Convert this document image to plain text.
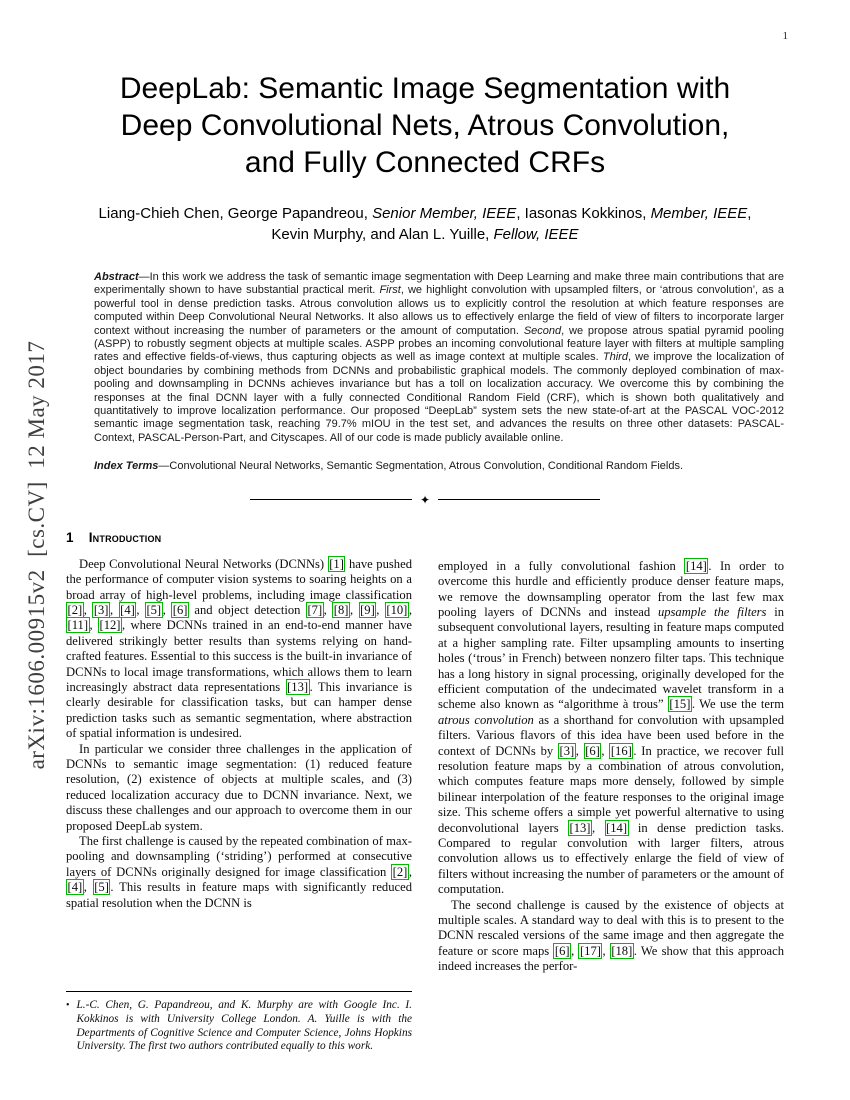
1
arXiv:1606.00915v2  [cs.CV]  12 May 2017
DeepLab: Semantic Image Segmentation with
Deep Convolutional Nets, Atrous Convolution,
and Fully Connected CRFs
Liang-Chieh Chen, George Papandreou, Senior Member, IEEE, Iasonas Kokkinos, Member, IEEE,
Kevin Murphy, and Alan L. Yuille, Fellow, IEEE

Abstract—In this work we address the task of semantic image segmentation with Deep Learning and make three main contributions that are experimentally shown to have substantial practical merit. First, we highlight convolution with upsampled filters, or ‘atrous convolution’, as a powerful tool in dense prediction tasks. Atrous convolution allows us to explicitly control the resolution at which feature responses are computed within Deep Convolutional Neural Networks. It also allows us to effectively enlarge the field of view of filters to incorporate larger context without increasing the number of parameters or the amount of computation. Second, we propose atrous spatial pyramid pooling (ASPP) to robustly segment objects at multiple scales. ASPP probes an incoming convolutional feature layer with filters at multiple sampling rates and effective fields-of-views, thus capturing objects as well as image context at multiple scales. Third, we improve the localization of object boundaries by combining methods from DCNNs and probabilistic graphical models. The commonly deployed combination of max-pooling and downsampling in DCNNs achieves invariance but has a toll on localization accuracy. We overcome this by combining the responses at the final DCNN layer with a fully connected Conditional Random Field (CRF), which is shown both qualitatively and quantitatively to improve localization performance. Our proposed “DeepLab” system sets the new state-of-art at the PASCAL VOC-2012 semantic image segmentation task, reaching 79.7% mIOU in the test set, and advances the results on three other datasets: PASCAL-Context, PASCAL-Person-Part, and Cityscapes. All of our code is made publicly available online.

Index Terms—Convolutional Neural Networks, Semantic Segmentation, Atrous Convolution, Conditional Random Fields.

✦
1 Introduction

Deep Convolutional Neural Networks (DCNNs) [1] have pushed the performance of computer vision systems to soaring heights on a broad array of high-level problems, including image classification [2] , [3] , [4] , [5] , [6] and object detection [7] , [8] , [9] , [10] , [11] , [12] , where DCNNs trained in an end-to-end manner have delivered strikingly better results than systems relying on hand-crafted features. Essential to this success is the built-in invariance of DCNNs to local image transformations, which allows them to learn increasingly abstract data representations [13] . This invariance is clearly desirable for classification tasks, but can hamper dense prediction tasks such as semantic segmentation, where abstraction of spatial information is undesired.

In particular we consider three challenges in the application of DCNNs to semantic image segmentation: (1) reduced feature resolution, (2) existence of objects at multiple scales, and (3) reduced localization accuracy due to DCNN invariance. Next, we discuss these challenges and our approach to overcome them in our proposed DeepLab system.

The first challenge is caused by the repeated combination of max-pooling and downsampling (‘striding’) performed at consecutive layers of DCNNs originally designed for image classification [2] , [4] , [5] . This results in feature maps with significantly reduced spatial resolution when the DCNN is

• L.-C. Chen, G. Papandreou, and K. Murphy are with Google Inc. I. Kokkinos is with University College London. A. Yuille is with the Departments of Cognitive Science and Computer Science, Johns Hopkins University. The first two authors contributed equally to this work.

employed in a fully convolutional fashion [14] . In order to overcome this hurdle and efficiently produce denser feature maps, we remove the downsampling operator from the last few max pooling layers of DCNNs and instead upsample the filters in subsequent convolutional layers, resulting in feature maps computed at a higher sampling rate. Filter upsampling amounts to inserting holes (‘trous’ in French) between nonzero filter taps. This technique has a long history in signal processing, originally developed for the efficient computation of the undecimated wavelet transform in a scheme also known as “algorithme à trous” [15] . We use the term atrous convolution as a shorthand for convolution with upsampled filters. Various flavors of this idea have been used before in the context of DCNNs by [3] , [6] , [16] . In practice, we recover full resolution feature maps by a combination of atrous convolution, which computes feature maps more densely, followed by simple bilinear interpolation of the feature responses to the original image size. This scheme offers a simple yet powerful alternative to using deconvolutional layers [13] , [14] in dense prediction tasks. Compared to regular convolution with larger filters, atrous convolution allows us to effectively enlarge the field of view of filters without increasing the number of parameters or the amount of computation.

The second challenge is caused by the existence of objects at multiple scales. A standard way to deal with this is to present to the DCNN rescaled versions of the same image and then aggregate the feature or score maps [6] , [17] , [18] . We show that this approach indeed increases the perfor-
